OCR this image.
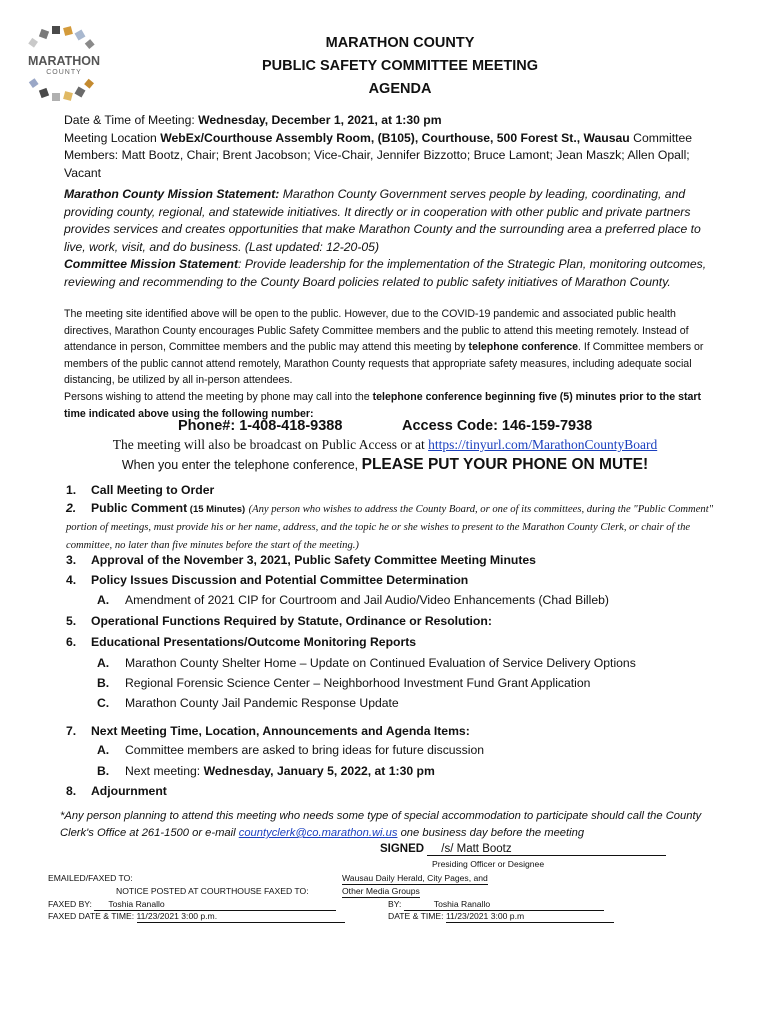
MARATHON
COUNTY
MARATHON COUNTY
PUBLIC SAFETY COMMITTEE MEETING
AGENDA
Date & Time of Meeting: Wednesday, December 1, 2021, at 1:30 pm
Meeting Location WebEx/Courthouse Assembly Room, (B105), Courthouse, 500 Forest St., Wausau Committee Members: Matt Bootz, Chair; Brent Jacobson; Vice-Chair, Jennifer Bizzotto; Bruce Lamont; Jean Maszk; Allen Opall; Vacant
Marathon County Mission Statement: Marathon County Government serves people by leading, coordinating, and providing county, regional, and statewide initiatives. It directly or in cooperation with other public and private partners provides services and creates opportunities that make Marathon County and the surrounding area a preferred place to live, work, visit, and do business. (Last updated: 12-20-05)
Committee Mission Statement: Provide leadership for the implementation of the Strategic Plan, monitoring outcomes, reviewing and recommending to the County Board policies related to public safety initiatives of Marathon County.
The meeting site identified above will be open to the public. However, due to the COVID-19 pandemic and associated public health directives, Marathon County encourages Public Safety Committee members and the public to attend this meeting remotely. Instead of attendance in person, Committee members and the public may attend this meeting by telephone conference. If Committee members or members of the public cannot attend remotely, Marathon County requests that appropriate safety measures, including adequate social distancing, be utilized by all in-person attendees.
Persons wishing to attend the meeting by phone may call into the telephone conference beginning five (5) minutes prior to the start time indicated above using the following number:
Phone#: 1-408-418-9388	Access Code: 146-159-7938
The meeting will also be broadcast on Public Access or at https://tinyurl.com/MarathonCountyBoard
When you enter the telephone conference, PLEASE PUT YOUR PHONE ON MUTE!
1. Call Meeting to Order
2. Public Comment (15 Minutes) (Any person who wishes to address the County Board, or one of its committees, during the "Public Comment" portion of meetings, must provide his or her name, address, and the topic he or she wishes to present to the Marathon County Clerk, or chair of the committee, no later than five minutes before the start of the meeting.)
3. Approval of the November 3, 2021, Public Safety Committee Meeting Minutes
4. Policy Issues Discussion and Potential Committee Determination
A. Amendment of 2021 CIP for Courtroom and Jail Audio/Video Enhancements (Chad Billeb)
5. Operational Functions Required by Statute, Ordinance or Resolution:
6. Educational Presentations/Outcome Monitoring Reports
A. Marathon County Shelter Home – Update on Continued Evaluation of Service Delivery Options
B. Regional Forensic Science Center – Neighborhood Investment Fund Grant Application
C. Marathon County Jail Pandemic Response Update
7. Next Meeting Time, Location, Announcements and Agenda Items:
A. Committee members are asked to bring ideas for future discussion
B. Next meeting: Wednesday, January 5, 2022, at 1:30 pm
8. Adjournment
*Any person planning to attend this meeting who needs some type of special accommodation to participate should call the County Clerk's Office at 261-1500 or e-mail countyclerk@co.marathon.wi.us one business day before the meeting
SIGNED /s/ Matt Bootz
Presiding Officer or Designee
EMAILED/FAXED TO:	Wausau Daily Herald, City Pages, and
NOTICE POSTED AT COURTHOUSE FAXED TO:	Other Media Groups
FAXED BY: Toshia Ranallo	BY:	Toshia Ranallo
FAXED DATE & TIME: 11/23/2021 3:00 p.m.	DATE & TIME: 11/23/2021 3:00 p.m
